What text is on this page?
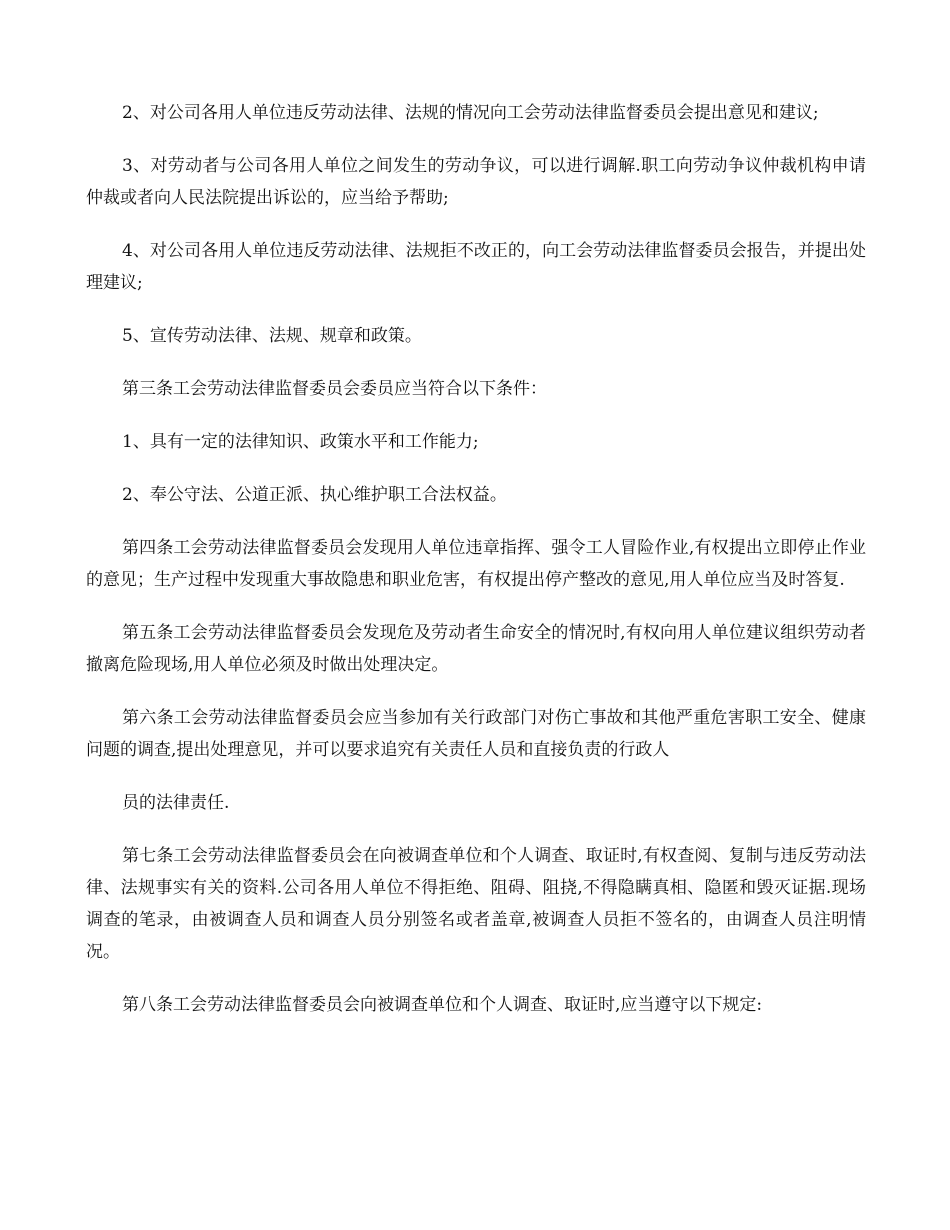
2、对公司各用人单位违反劳动法律、法规的情况向工会劳动法律监督委员会提出意见和建议;

3、对劳动者与公司各用人单位之间发生的劳动争议，可以进行调解.职工向劳动争议仲裁机构申请仲裁或者向人民法院提出诉讼的，应当给予帮助;

4、对公司各用人单位违反劳动法律、法规拒不改正的，向工会劳动法律监督委员会报告，并提出处理建议;

5、宣传劳动法律、法规、规章和政策。

第三条工会劳动法律监督委员会委员应当符合以下条件：

1、具有一定的法律知识、政策水平和工作能力;

2、奉公守法、公道正派、执心维护职工合法权益。

第四条工会劳动法律监督委员会发现用人单位违章指挥、强令工人冒险作业,有权提出立即停止作业的意见；生产过程中发现重大事故隐患和职业危害，有权提出停产整改的意见,用人单位应当及时答复.

第五条工会劳动法律监督委员会发现危及劳动者生命安全的情况时,有权向用人单位建议组织劳动者撤离危险现场,用人单位必须及时做出处理决定。

第六条工会劳动法律监督委员会应当参加有关行政部门对伤亡事故和其他严重危害职工安全、健康问题的调查,提出处理意见，并可以要求追究有关责任人员和直接负责的行政人

员的法律责任.

第七条工会劳动法律监督委员会在向被调查单位和个人调查、取证时,有权查阅、复制与违反劳动法律、法规事实有关的资料.公司各用人单位不得拒绝、阻碍、阻挠,不得隐瞒真相、隐匿和毁灭证据.现场调查的笔录，由被调查人员和调查人员分别签名或者盖章,被调查人员拒不签名的，由调查人员注明情况。

第八条工会劳动法律监督委员会向被调查单位和个人调查、取证时,应当遵守以下规定:
